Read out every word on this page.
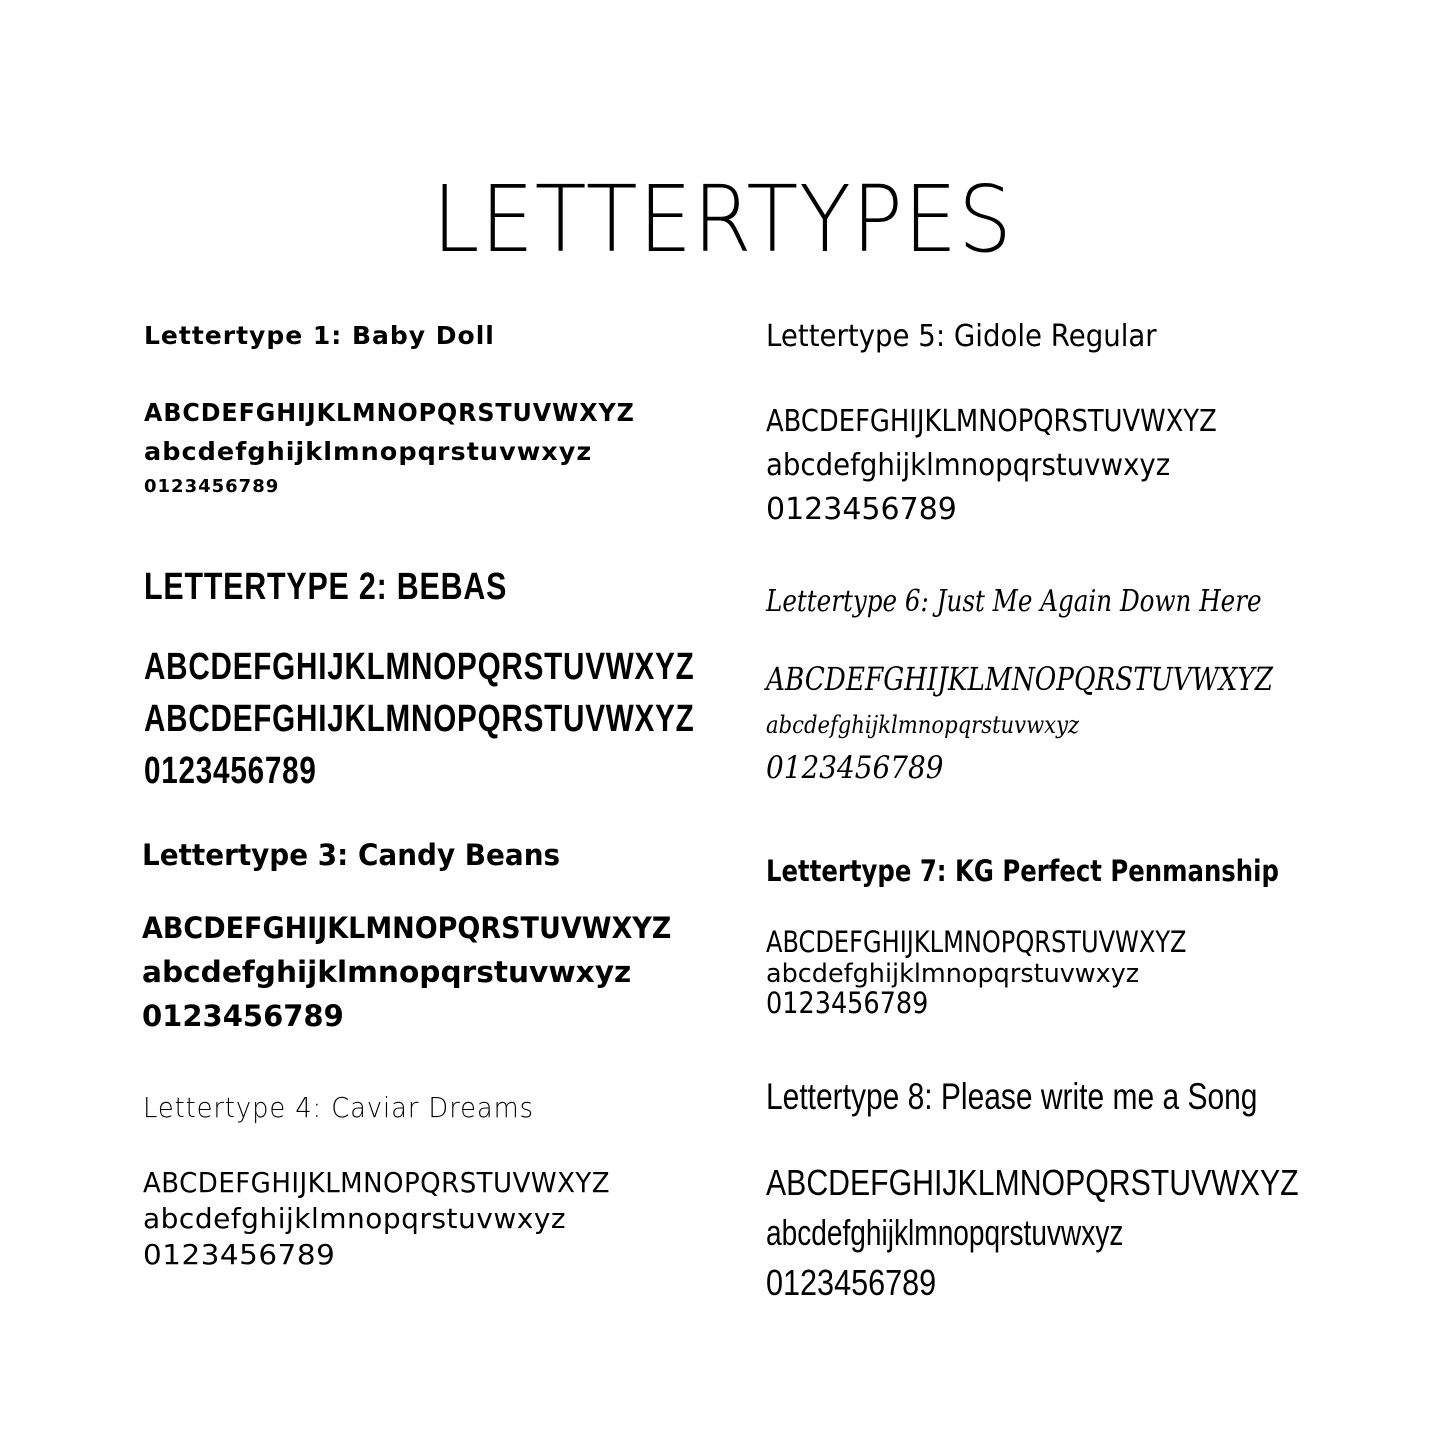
LETTERTYPES
Lettertype 1: Baby Doll
ABCDEFGHIJKLMNOPQRSTUVWXYZ
abcdefghijklmnopqrstuvwxyz
0123456789
LETTERTYPE 2: BEBAS
ABCDEFGHIJKLMNOPQRSTUVWXYZ
ABCDEFGHIJKLMNOPQRSTUVWXYZ
0123456789
Lettertype 3: Candy Beans
ABCDEFGHIJKLMNOPQRSTUVWXYZ
abcdefghijklmnopqrstuvwxyz
0123456789
Lettertype 4: Caviar Dreams
ABCDEFGHIJKLMNOPQRSTUVWXYZ
abcdefghijklmnopqrstuvwxyz
0123456789
Lettertype 5: Gidole Regular
ABCDEFGHIJKLMNOPQRSTUVWXYZ
abcdefghijklmnopqrstuvwxyz
0123456789
Lettertype 6: Just Me Again Down Here
ABCDEFGHIJKLMNOPQRSTUVWXYZ
abcdefghijklmnopqrstuvwxyz
0123456789
Lettertype 7: KG Perfect Penmanship
ABCDEFGHIJKLMNOPQRSTUVWXYZ
abcdefghijklmnopqrstuvwxyz
0123456789
Lettertype 8: Please write me a Song
ABCDEFGHIJKLMNOPQRSTUVWXYZ
abcdefghijklmnopqrstuvwxyz
0123456789
